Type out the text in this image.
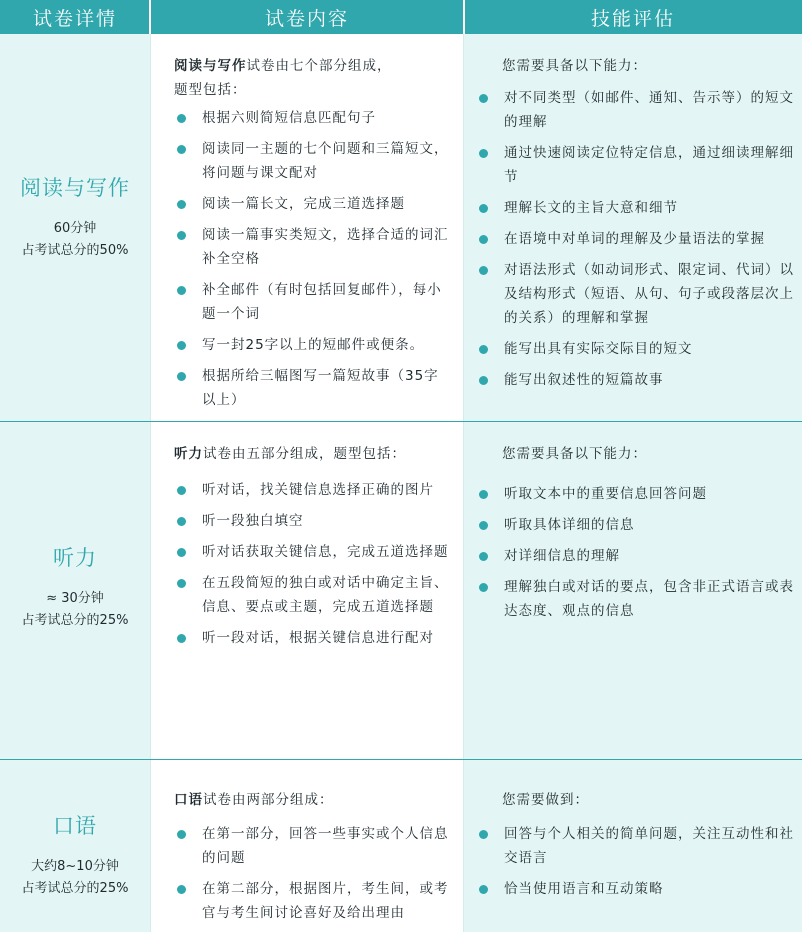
试卷详情	试卷内容	技能评估
阅读与写作
60分钟
占考试总分的50%
阅读与写作试卷由七个部分组成，
题型包括：
根据六则简短信息匹配句子
阅读同一主题的七个问题和三篇短文，将问题与课文配对
阅读一篇长文，完成三道选择题
阅读一篇事实类短文，选择合适的词汇补全空格
补全邮件（有时包括回复邮件），每小题一个词
写一封25字以上的短邮件或便条。
根据所给三幅图写一篇短故事（35字以上）
您需要具备以下能力：
对不同类型（如邮件、通知、告示等）的短文的理解
通过快速阅读定位特定信息，通过细读理解细节
理解长文的主旨大意和细节
在语境中对单词的理解及少量语法的掌握
对语法形式（如动词形式、限定词、代词）以及结构形式（短语、从句、句子或段落层次上的关系）的理解和掌握
能写出具有实际交际目的短文
能写出叙述性的短篇故事
听力
≈ 30分钟
占考试总分的25%
听力试卷由五部分组成，题型包括：
听对话，找关键信息选择正确的图片
听一段独白填空
听对话获取关键信息，完成五道选择题
在五段简短的独白或对话中确定主旨、信息、要点或主题，完成五道选择题
听一段对话，根据关键信息进行配对
您需要具备以下能力：
听取文本中的重要信息回答问题
听取具体详细的信息
对详细信息的理解
理解独白或对话的要点，包含非正式语言或表达态度、观点的信息
口语
大约8~10分钟
占考试总分的25%
口语试卷由两部分组成：
在第一部分，回答一些事实或个人信息的问题
在第二部分，根据图片，考生间，或考官与考生间讨论喜好及给出理由
您需要做到：
回答与个人相关的简单问题，关注互动性和社交语言
恰当使用语言和互动策略
